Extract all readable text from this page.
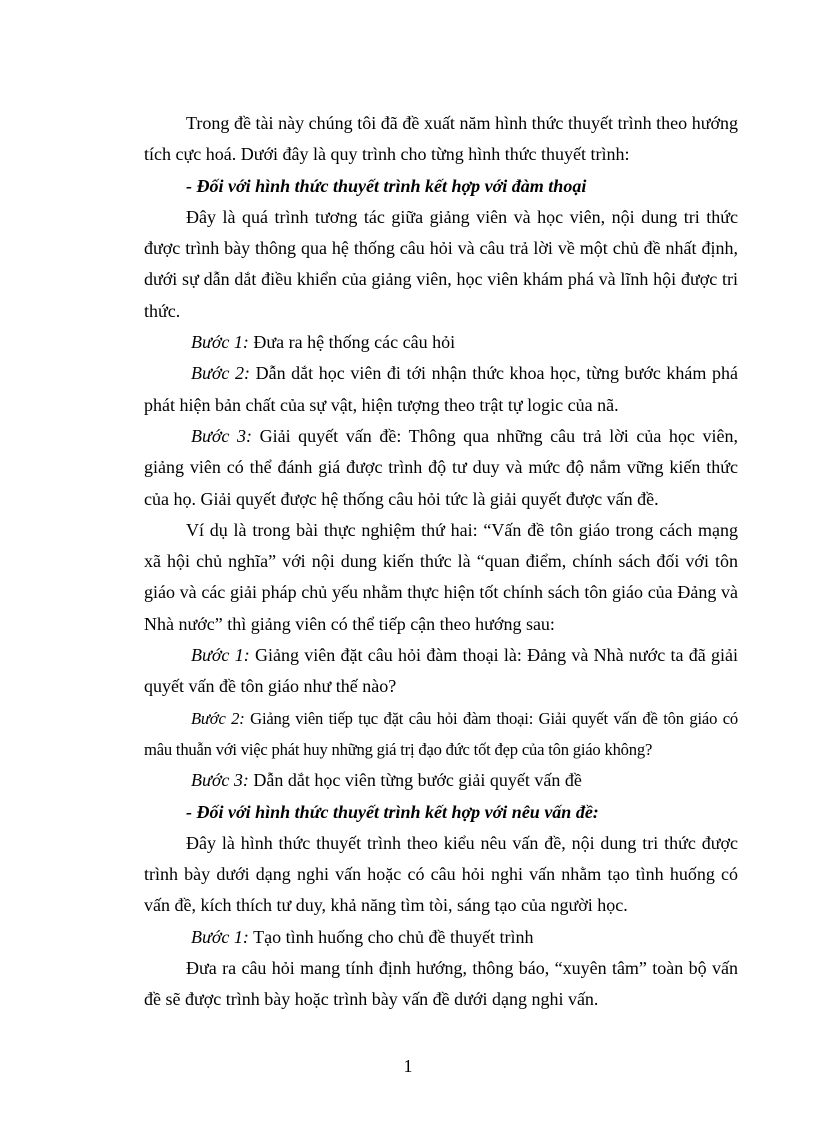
Trong đề tài này chúng tôi đã đề xuất năm hình thức thuyết trình theo hướng tích cực hoá. Dưới đây là quy trình cho từng hình thức thuyết trình:

- Đối với hình thức thuyết trình kết hợp với đàm thoại

Đây là quá trình tương tác giữa giảng viên và học viên, nội dung tri thức được trình bày thông qua hệ thống câu hỏi và câu trả lời về một chủ đề nhất định, dưới sự dẫn dắt điều khiển của giảng viên, học viên khám phá và lĩnh hội được tri thức.

Bước 1: Đưa ra hệ thống các câu hỏi

Bước 2: Dẫn dắt học viên đi tới nhận thức khoa học, từng bước khám phá phát hiện bản chất của sự vật, hiện tượng theo trật tự logic của nã.

Bước 3: Giải quyết vấn đề: Thông qua những câu trả lời của học viên, giảng viên có thể đánh giá được trình độ tư duy và mức độ nắm vững kiến thức của họ. Giải quyết được hệ thống câu hỏi tức là giải quyết được vấn đề.

Ví dụ là trong bài thực nghiệm thứ hai: “Vấn đề tôn giáo trong cách mạng xã hội chủ nghĩa” với nội dung kiến thức là “quan điểm, chính sách đối với tôn giáo và các giải pháp chủ yếu nhằm thực hiện tốt chính sách tôn giáo của Đảng và Nhà nước” thì giảng viên có thể tiếp cận theo hướng sau:

Bước 1: Giảng viên đặt câu hỏi đàm thoại là: Đảng và Nhà nước ta đã giải quyết vấn đề tôn giáo như thế nào?

Bước 2: Giảng viên tiếp tục đặt câu hỏi đàm thoại: Giải quyết vấn đề tôn giáo có mâu thuẫn với việc phát huy những giá trị đạo đức tốt đẹp của tôn giáo không?

Bước 3: Dẫn dắt học viên từng bước giải quyết vấn đề

- Đối với hình thức thuyết trình kết hợp với nêu vấn đề:

Đây là hình thức thuyết trình theo kiểu nêu vấn đề, nội dung tri thức được trình bày dưới dạng nghi vấn hoặc có câu hỏi nghi vấn nhằm tạo tình huống có vấn đề, kích thích tư duy, khả năng tìm tòi, sáng tạo của người học.

Bước 1: Tạo tình huống cho chủ đề thuyết trình

Đưa ra câu hỏi mang tính định hướng, thông báo, “xuyên tâm” toàn bộ vấn đề sẽ được trình bày hoặc trình bày vấn đề dưới dạng nghi vấn.

1
